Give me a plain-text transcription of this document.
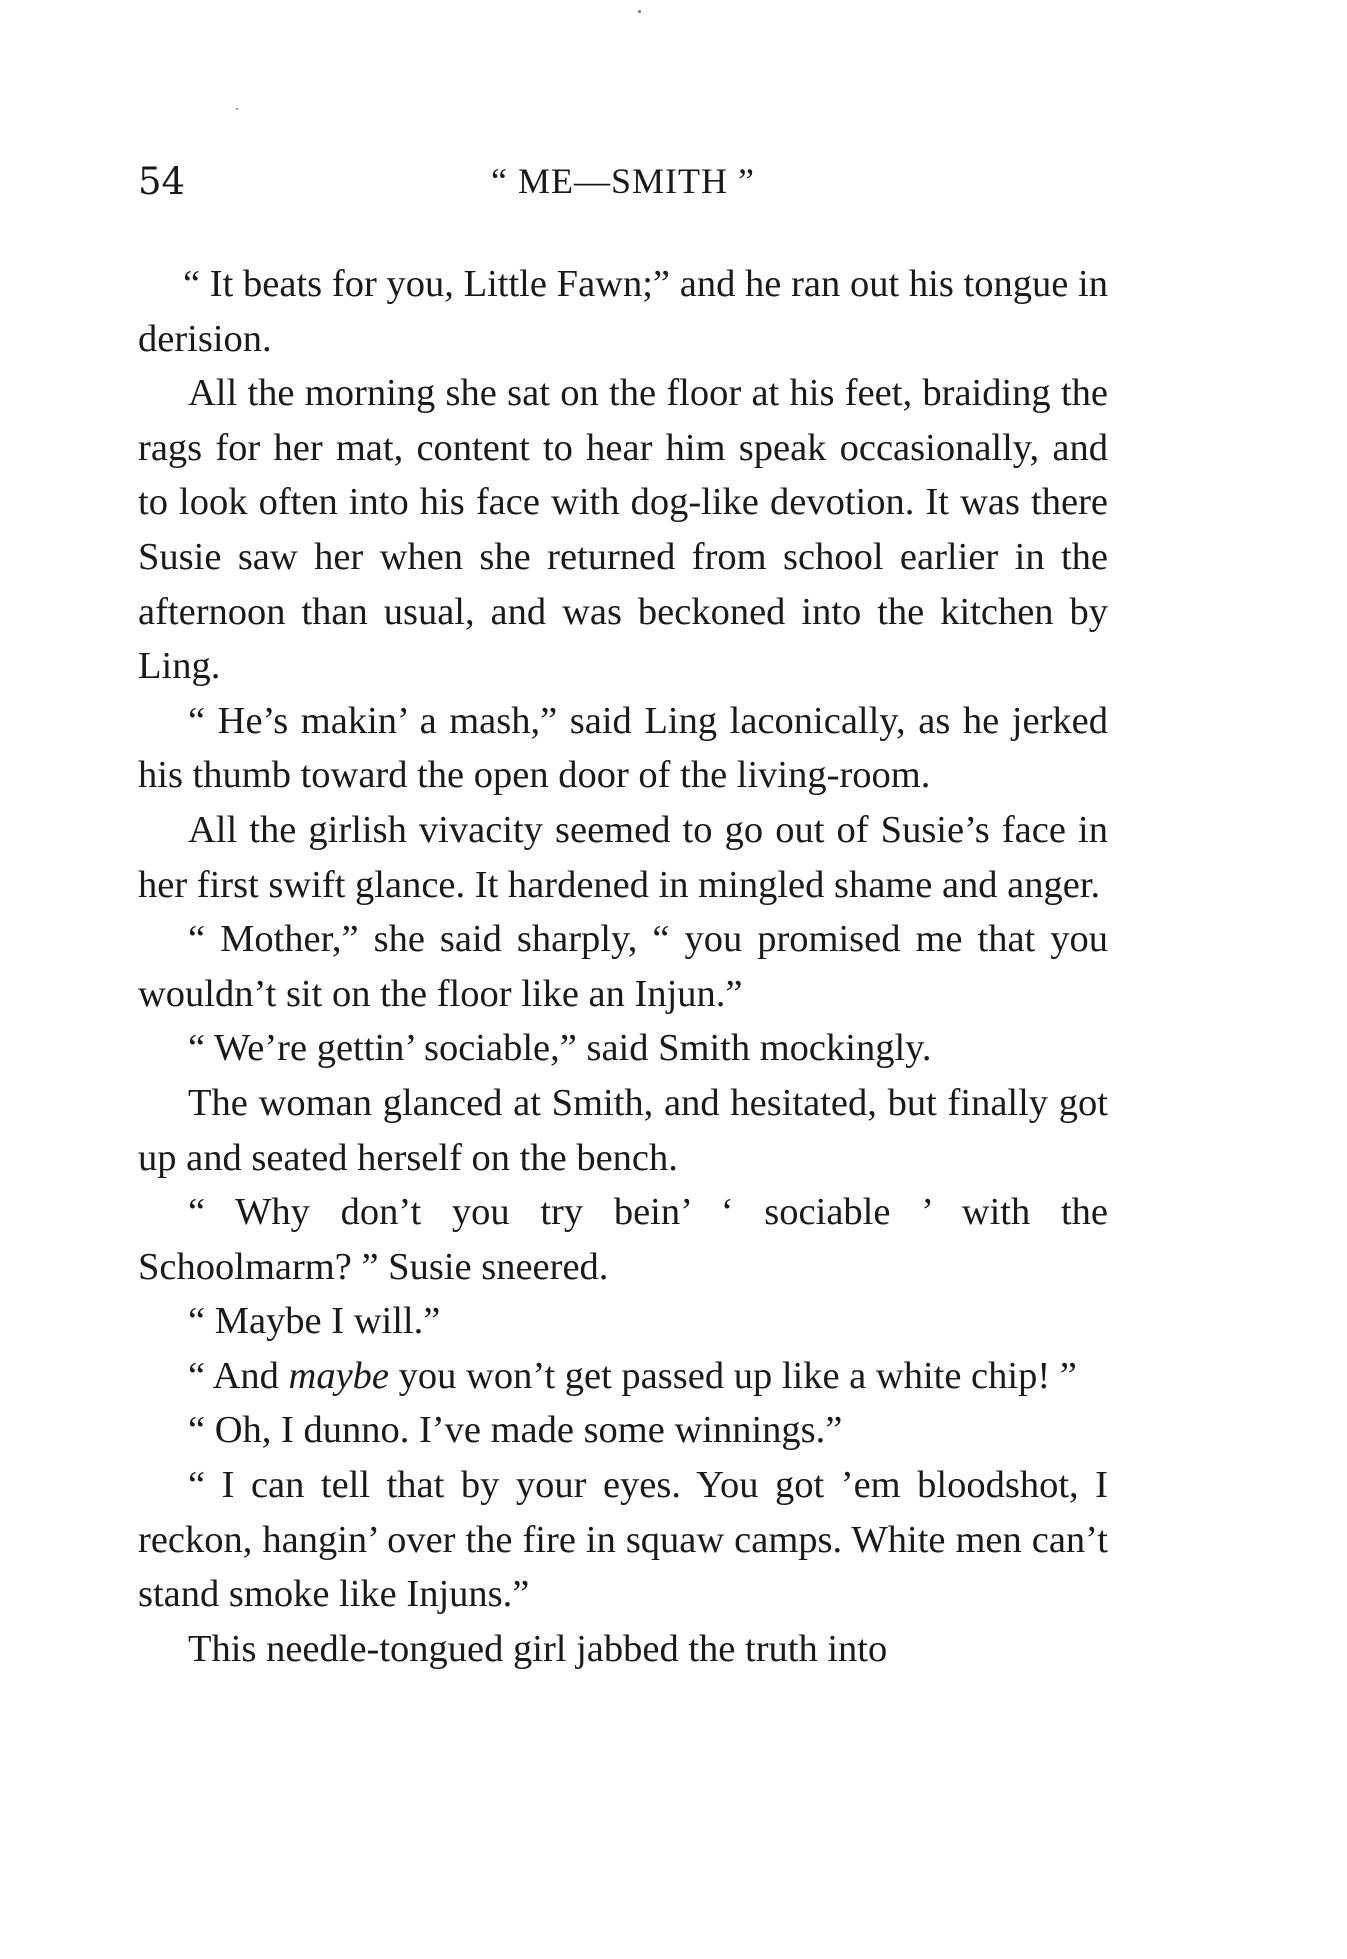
54	“ ME—SMITH ”

“ It beats for you, Little Fawn;” and he ran out his tongue in derision.

All the morning she sat on the floor at his feet, braiding the rags for her mat, content to hear him speak occasionally, and to look often into his face with dog-like devotion. It was there Susie saw her when she returned from school earlier in the afternoon than usual, and was beckoned into the kitchen by Ling.

“ He’s makin’ a mash,” said Ling laconically, as he jerked his thumb toward the open door of the living-room.

All the girlish vivacity seemed to go out of Susie’s face in her first swift glance. It hardened in mingled shame and anger.

“ Mother,” she said sharply, “ you promised me that you wouldn’t sit on the floor like an Injun.”

“ We’re gettin’ sociable,” said Smith mockingly.

The woman glanced at Smith, and hesitated, but finally got up and seated herself on the bench.

“ Why don’t you try bein’ ‘ sociable ’ with the Schoolmarm? ” Susie sneered.

“ Maybe I will.”

“ And maybe you won’t get passed up like a white chip! ”

“ Oh, I dunno. I’ve made some winnings.”

“ I can tell that by your eyes. You got ’em bloodshot, I reckon, hangin’ over the fire in squaw camps. White men can’t stand smoke like Injuns.”

This needle-tongued girl jabbed the truth into
